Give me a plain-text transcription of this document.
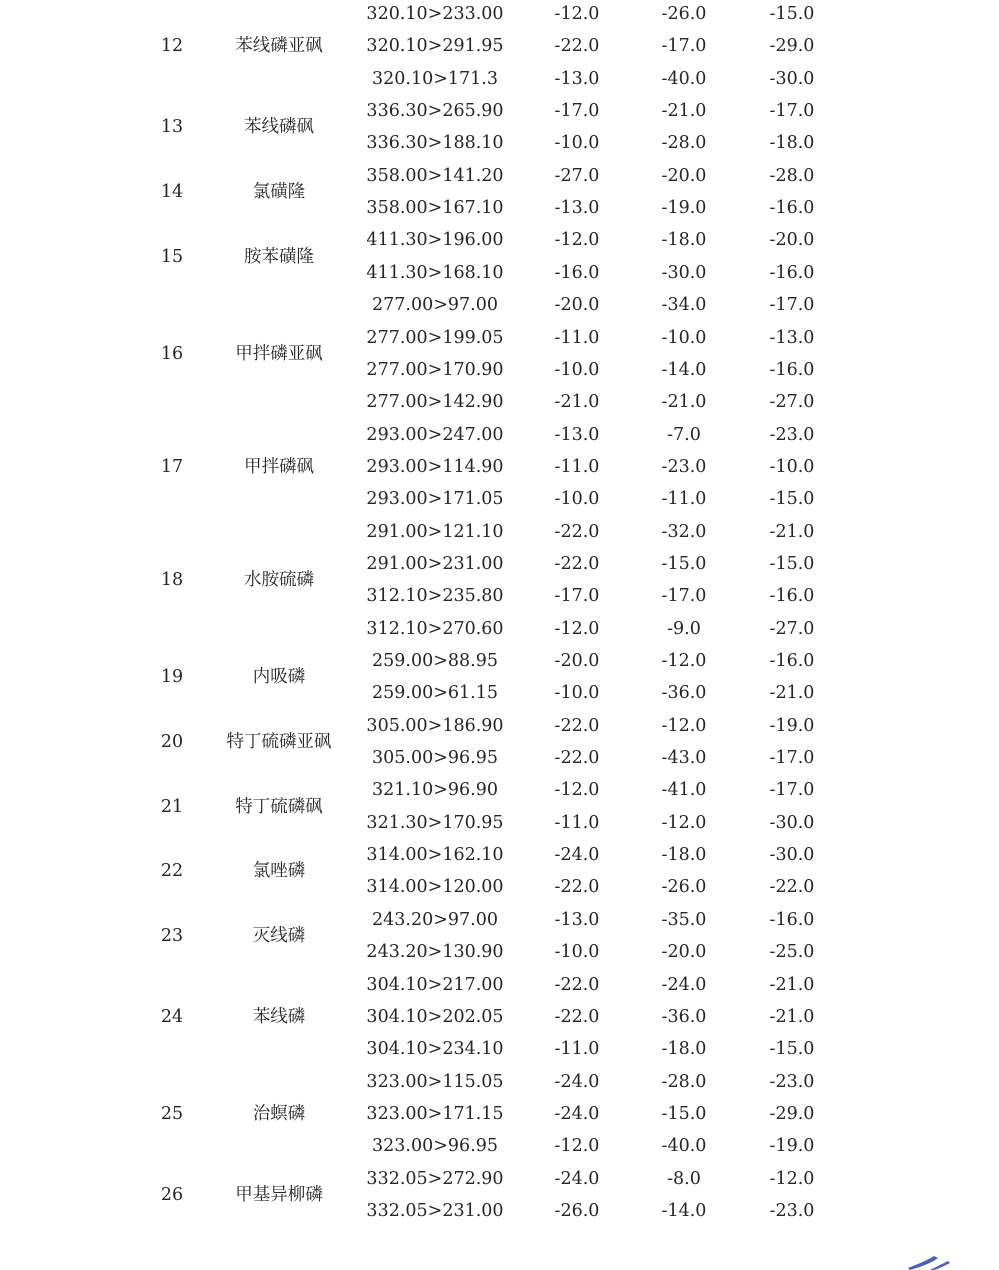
320.10>233.00	-12.0	-26.0	-15.0
320.10>291.95	-22.0	-17.0	-29.0
320.10>171.3	-13.0	-40.0	-30.0
12	苯线磷亚砜
336.30>265.90	-17.0	-21.0	-17.0
336.30>188.10	-10.0	-28.0	-18.0
13	苯线磷砜
358.00>141.20	-27.0	-20.0	-28.0
358.00>167.10	-13.0	-19.0	-16.0
14	氯磺隆
411.30>196.00	-12.0	-18.0	-20.0
411.30>168.10	-16.0	-30.0	-16.0
15	胺苯磺隆
277.00>97.00	-20.0	-34.0	-17.0
277.00>199.05	-11.0	-10.0	-13.0
277.00>170.90	-10.0	-14.0	-16.0
277.00>142.90	-21.0	-21.0	-27.0
16	甲拌磷亚砜
293.00>247.00	-13.0	-7.0	-23.0
293.00>114.90	-11.0	-23.0	-10.0
293.00>171.05	-10.0	-11.0	-15.0
17	甲拌磷砜
291.00>121.10	-22.0	-32.0	-21.0
291.00>231.00	-22.0	-15.0	-15.0
312.10>235.80	-17.0	-17.0	-16.0
312.10>270.60	-12.0	-9.0	-27.0
18	水胺硫磷
259.00>88.95	-20.0	-12.0	-16.0
259.00>61.15	-10.0	-36.0	-21.0
19	内吸磷
305.00>186.90	-22.0	-12.0	-19.0
305.00>96.95	-22.0	-43.0	-17.0
20 特丁硫磷亚砜
321.10>96.90	-12.0	-41.0	-17.0
321.30>170.95	-11.0	-12.0	-30.0
21	特丁硫磷砜
314.00>162.10	-24.0	-18.0	-30.0
314.00>120.00	-22.0	-26.0	-22.0
22	氯唑磷
243.20>97.00	-13.0	-35.0	-16.0
243.20>130.90	-10.0	-20.0	-25.0
23	灭线磷
304.10>217.00	-22.0	-24.0	-21.0
304.10>202.05	-22.0	-36.0	-21.0
304.10>234.10	-11.0	-18.0	-15.0
24	苯线磷
323.00>115.05	-24.0	-28.0	-23.0
323.00>171.15	-24.0	-15.0	-29.0
323.00>96.95	-12.0	-40.0	-19.0
25	治螟磷
332.05>272.90	-24.0	-8.0	-12.0
332.05>231.00	-26.0	-14.0	-23.0
26	甲基异柳磷
